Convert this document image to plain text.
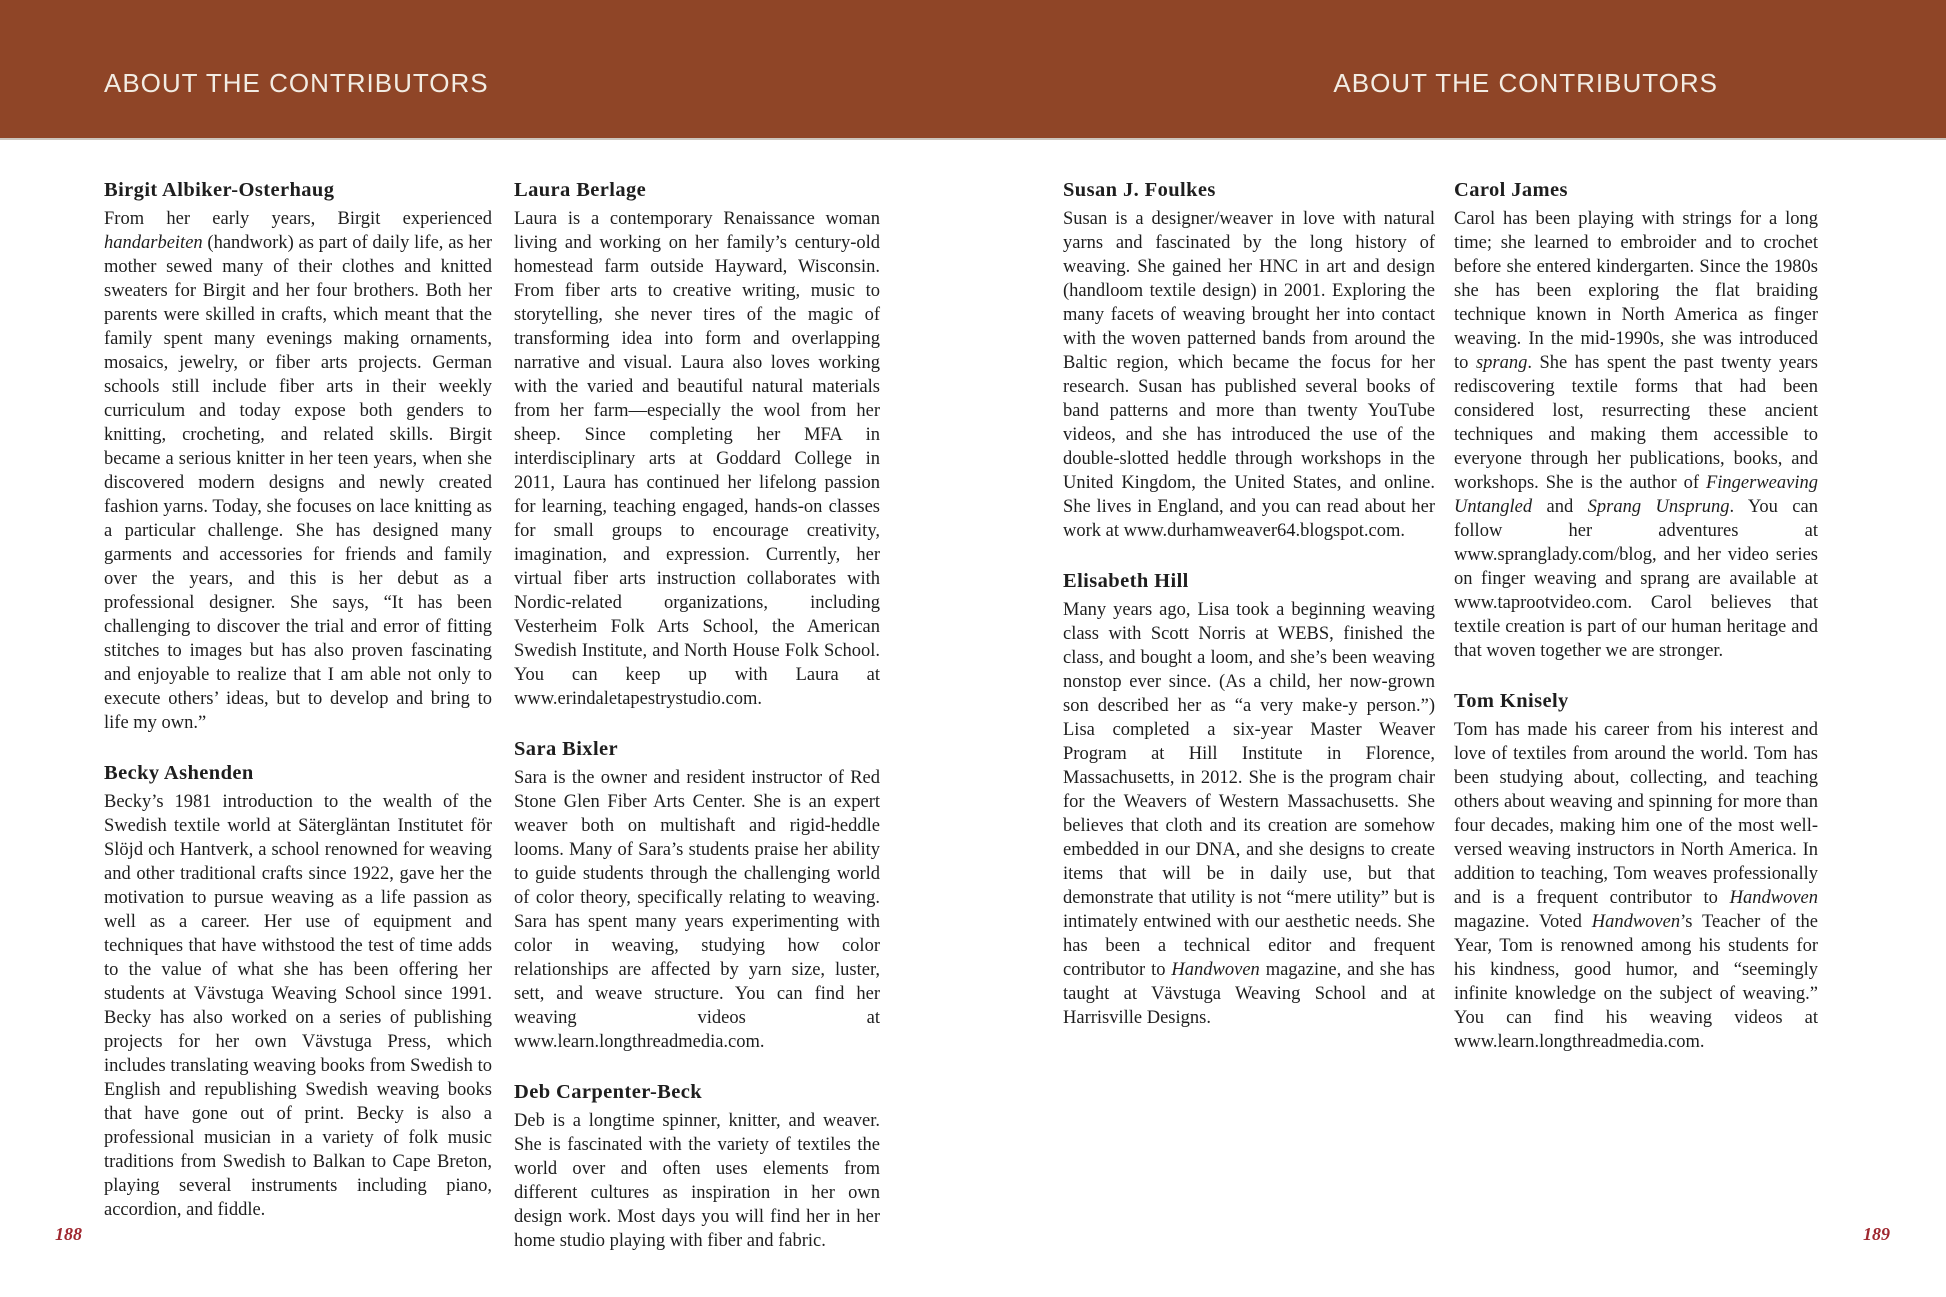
ABOUT THE CONTRIBUTORS	ABOUT THE CONTRIBUTORS
Birgit Albiker-Osterhaug

From her early years, Birgit experienced handarbeiten (handwork) as part of daily life, as her mother sewed many of their clothes and knitted sweaters for Birgit and her four brothers. Both her parents were skilled in crafts, which meant that the family spent many evenings making ornaments, mosaics, jewelry, or fiber arts projects. German schools still include fiber arts in their weekly curriculum and today expose both genders to knitting, crocheting, and related skills. Birgit became a serious knitter in her teen years, when she discovered modern designs and newly created fashion yarns. Today, she focuses on lace knitting as a particular challenge. She has designed many garments and accessories for friends and family over the years, and this is her debut as a professional designer. She says, “It has been challenging to discover the trial and error of fitting stitches to images but has also proven fascinating and enjoyable to realize that I am able not only to execute others’ ideas, but to develop and bring to life my own.”

Becky Ashenden

Becky’s 1981 introduction to the wealth of the Swedish textile world at Sätergläntan Institutet för Slöjd och Hantverk, a school renowned for weaving and other traditional crafts since 1922, gave her the motivation to pursue weaving as a life passion as well as a career. Her use of equipment and techniques that have withstood the test of time adds to the value of what she has been offering her students at Vävstuga Weaving School since 1991. Becky has also worked on a series of publishing projects for her own Vävstuga Press, which includes translating weaving books from Swedish to English and republishing Swedish weaving books that have gone out of print. Becky is also a professional musician in a variety of folk music traditions from Swedish to Balkan to Cape Breton, playing several instruments including piano, accordion, and fiddle.

Laura Berlage

Laura is a contemporary Renaissance woman living and working on her family’s century-old homestead farm outside Hayward, Wisconsin. From fiber arts to creative writing, music to storytelling, she never tires of the magic of transforming idea into form and overlapping narrative and visual. Laura also loves working with the varied and beautiful natural materials from her farm—especially the wool from her sheep. Since completing her MFA in interdisciplinary arts at Goddard College in 2011, Laura has continued her lifelong passion for learning, teaching engaged, hands-on classes for small groups to encourage creativity, imagination, and expression. Currently, her virtual fiber arts instruction collaborates with Nordic-related organizations, including Vesterheim Folk Arts School, the American Swedish Institute, and North House Folk School. You can keep up with Laura at www.erindaletapestrystudio.com.

Sara Bixler

Sara is the owner and resident instructor of Red Stone Glen Fiber Arts Center. She is an expert weaver both on multishaft and rigid-heddle looms. Many of Sara’s students praise her ability to guide students through the challenging world of color theory, specifically relating to weaving. Sara has spent many years experimenting with color in weaving, studying how color relationships are affected by yarn size, luster, sett, and weave structure. You can find her weaving videos at www.learn.longthreadmedia.com.

Deb Carpenter-Beck

Deb is a longtime spinner, knitter, and weaver. She is fascinated with the variety of textiles the world over and often uses elements from different cultures as inspiration in her own design work. Most days you will find her in her home studio playing with fiber and fabric.

Susan J. Foulkes

Susan is a designer/weaver in love with natural yarns and fascinated by the long history of weaving. She gained her HNC in art and design (handloom textile design) in 2001. Exploring the many facets of weaving brought her into contact with the woven patterned bands from around the Baltic region, which became the focus for her research. Susan has published several books of band patterns and more than twenty YouTube videos, and she has introduced the use of the double-slotted heddle through workshops in the United Kingdom, the United States, and online. She lives in England, and you can read about her work at www.durhamweaver64.blogspot.com.

Elisabeth Hill

Many years ago, Lisa took a beginning weaving class with Scott Norris at WEBS, finished the class, and bought a loom, and she’s been weaving nonstop ever since. (As a child, her now-grown son described her as “a very make-y person.”) Lisa completed a six-year Master Weaver Program at Hill Institute in Florence, Massachusetts, in 2012. She is the program chair for the Weavers of Western Massachusetts. She believes that cloth and its creation are somehow embedded in our DNA, and she designs to create items that will be in daily use, but that demonstrate that utility is not “mere utility” but is intimately entwined with our aesthetic needs. She has been a technical editor and frequent contributor to Handwoven magazine, and she has taught at Vävstuga Weaving School and at Harrisville Designs.

Carol James

Carol has been playing with strings for a long time; she learned to embroider and to crochet before she entered kindergarten. Since the 1980s she has been exploring the flat braiding technique known in North America as finger weaving. In the mid-1990s, she was introduced to sprang. She has spent the past twenty years rediscovering textile forms that had been considered lost, resurrecting these ancient techniques and making them accessible to everyone through her publications, books, and workshops. She is the author of Fingerweaving Untangled and Sprang Unsprung. You can follow her adventures at www.spranglady.com/blog, and her video series on finger weaving and sprang are available at www.taprootvideo.com. Carol believes that textile creation is part of our human heritage and that woven together we are stronger.

Tom Knisely

Tom has made his career from his interest and love of textiles from around the world. Tom has been studying about, collecting, and teaching others about weaving and spinning for more than four decades, making him one of the most well-versed weaving instructors in North America. In addition to teaching, Tom weaves professionally and is a frequent contributor to Handwoven magazine. Voted Handwoven’s Teacher of the Year, Tom is renowned among his students for his kindness, good humor, and “seemingly infinite knowledge on the subject of weaving.” You can find his weaving videos at www.learn.longthreadmedia.com.

188	189
